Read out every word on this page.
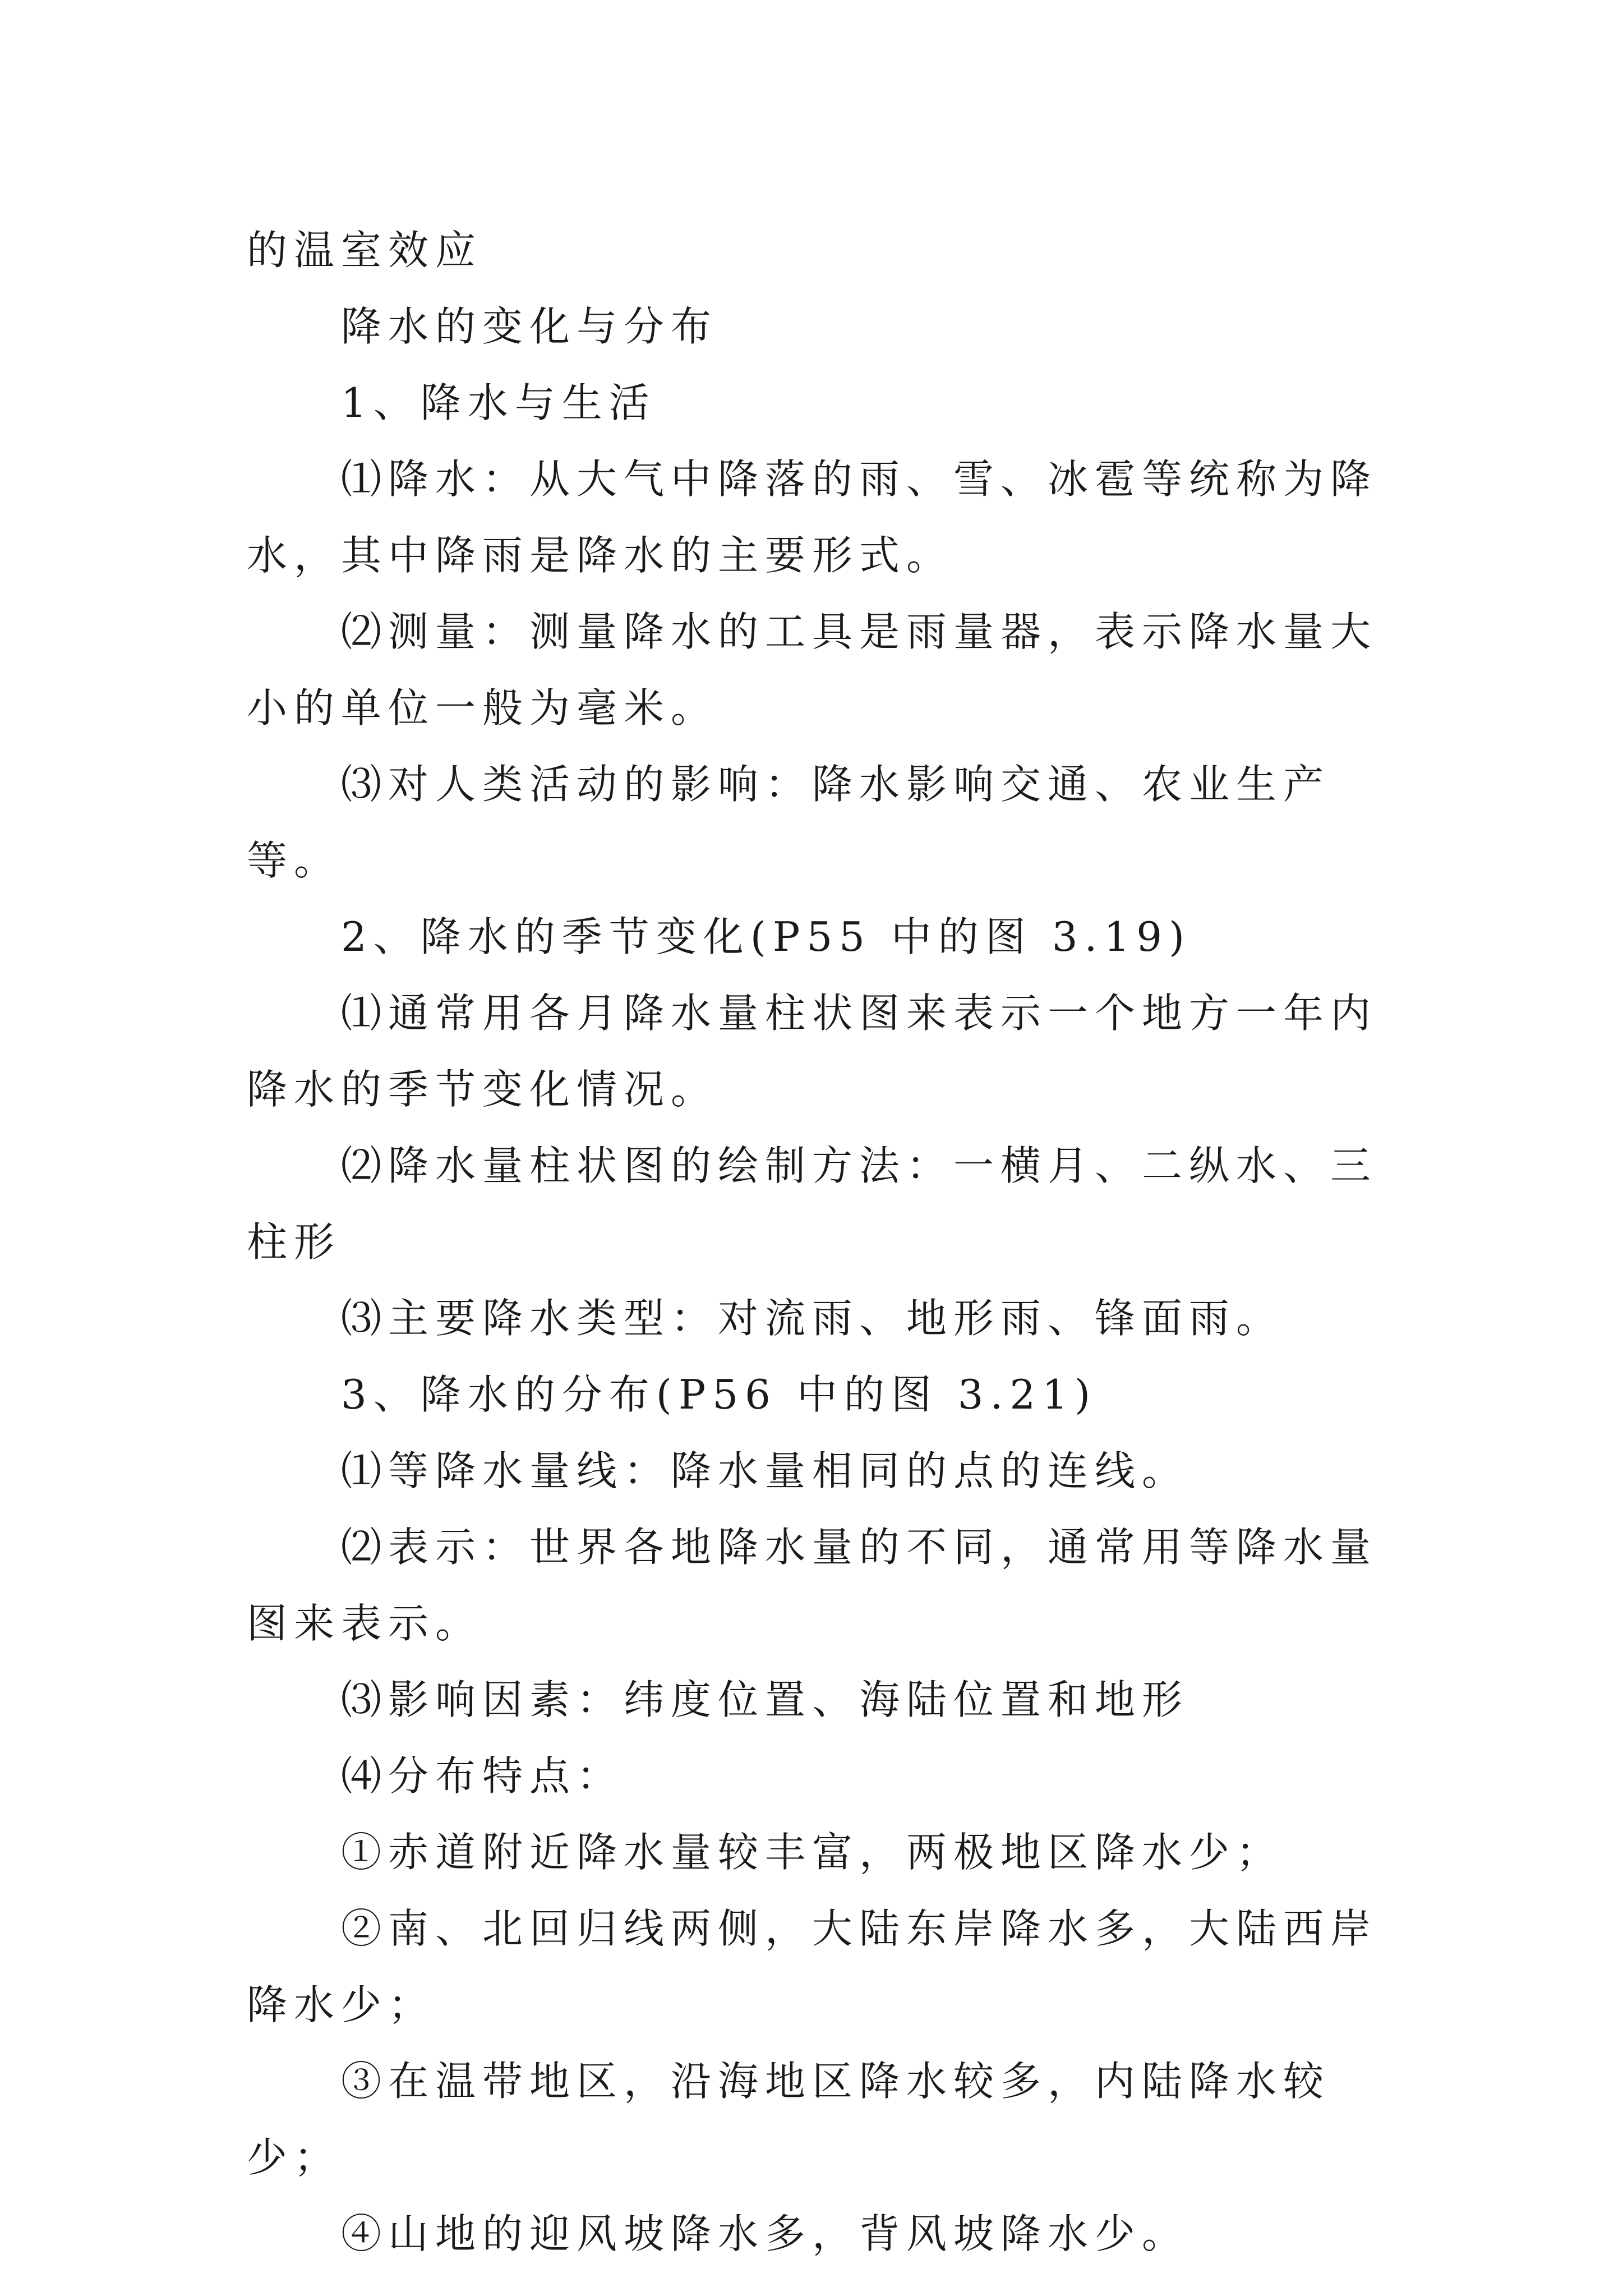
的温室效应

降水的变化与分布

1、降水与生活

⑴降水：从大气中降落的雨、雪、冰雹等统称为降水，其中降雨是降水的主要形式。

⑵测量：测量降水的工具是雨量器，表示降水量大小的单位一般为毫米。

⑶对人类活动的影响：降水影响交通、农业生产等。

2、降水的季节变化(P55 中的图 3.19)

⑴通常用各月降水量柱状图来表示一个地方一年内降水的季节变化情况。

⑵降水量柱状图的绘制方法：一横月、二纵水、三柱形

⑶主要降水类型：对流雨、地形雨、锋面雨。

3、降水的分布(P56 中的图 3.21)

⑴等降水量线：降水量相同的点的连线。

⑵表示：世界各地降水量的不同，通常用等降水量图来表示。

⑶影响因素：纬度位置、海陆位置和地形

⑷分布特点：

①赤道附近降水量较丰富，两极地区降水少；

②南、北回归线两侧，大陆东岸降水多，大陆西岸降水少；

③在温带地区，沿海地区降水较多，内陆降水较少；

④山地的迎风坡降水多，背风坡降水少。
